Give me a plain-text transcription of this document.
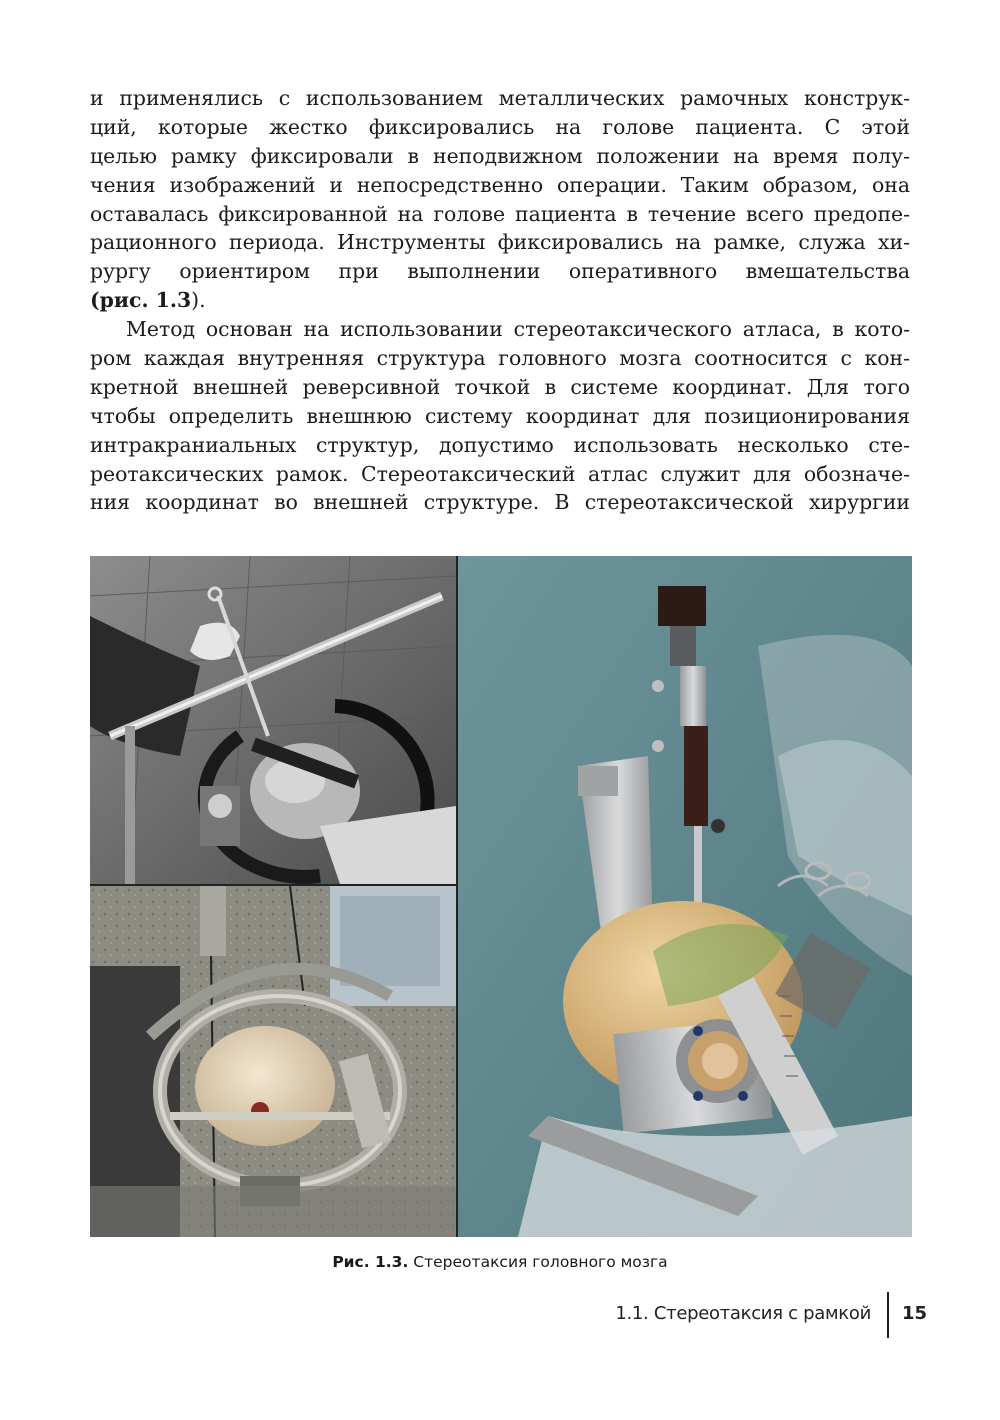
и применялись с использованием металлических рамочных конструк-
ций, которые жестко фиксировались на голове пациента. С этой
целью рамку фиксировали в неподвижном положении на время полу-
чения изображений и непосредственно операции. Таким образом, она
оставалась фиксированной на голове пациента в течение всего предопе-
рационного периода. Инструменты фиксировались на рамке, служа хи-
рургу ориентиром при выполнении оперативного вмешательства
(рис. 1.3).
Метод основан на использовании стереотаксического атласа, в кото-
ром каждая внутренняя структура головного мозга соотносится с кон-
кретной внешней реверсивной точкой в системе координат. Для того
чтобы определить внешнюю систему координат для позиционирования
интракраниальных структур, допустимо использовать несколько сте-
реотаксических рамок. Стереотаксический атлас служит для обозначе-
ния координат во внешней структуре. В стереотаксической хирургии
Рис. 1.3. Стереотаксия головного мозга
1.1. Стереотаксия с рамкой 15
